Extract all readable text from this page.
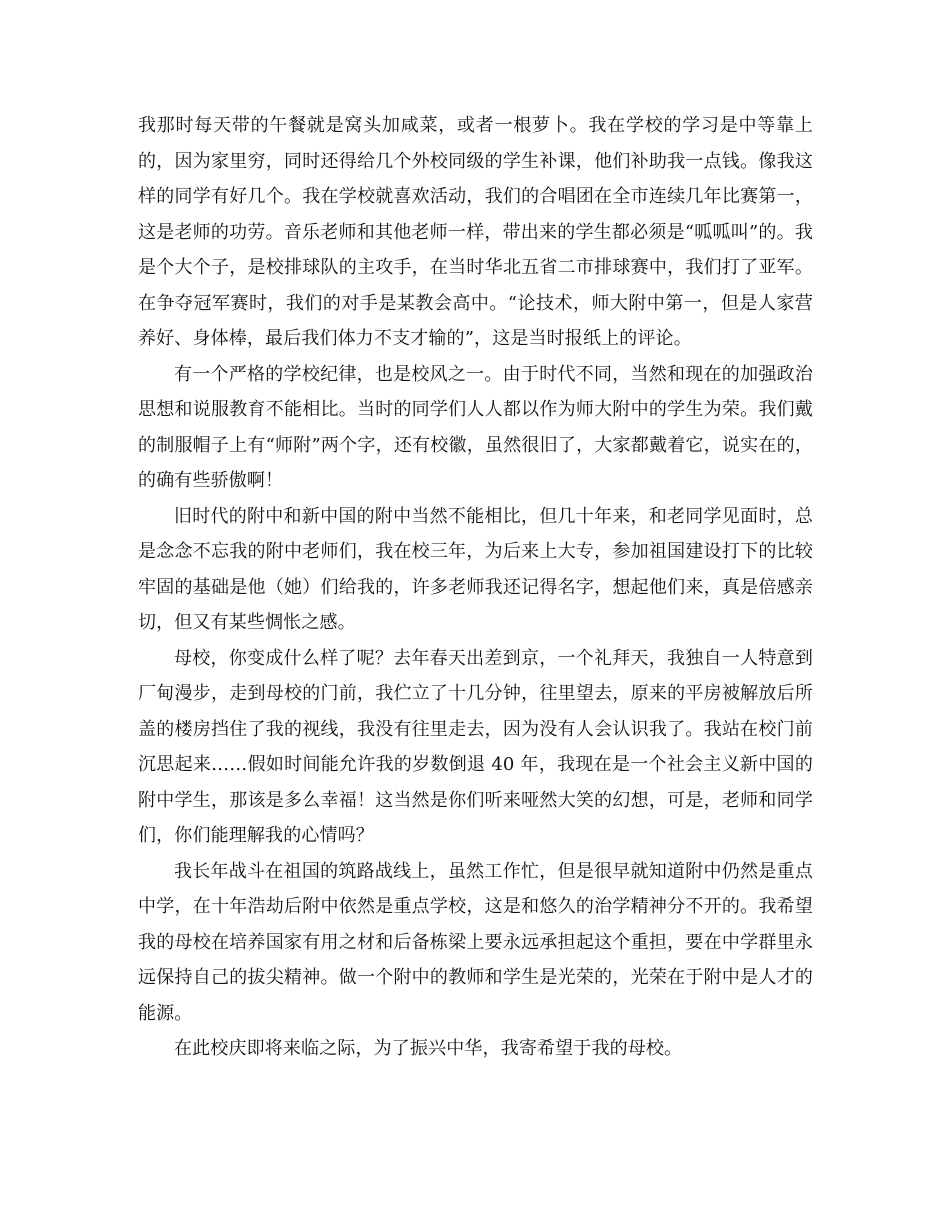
我那时每天带的午餐就是窝头加咸菜，或者一根萝卜。我在学校的学习是中等靠上的，因为家里穷，同时还得给几个外校同级的学生补课，他们补助我一点钱。像我这样的同学有好几个。我在学校就喜欢活动，我们的合唱团在全市连续几年比赛第一，这是老师的功劳。音乐老师和其他老师一样，带出来的学生都必须是“呱呱叫”的。我是个大个子，是校排球队的主攻手，在当时华北五省二市排球赛中，我们打了亚军。在争夺冠军赛时，我们的对手是某教会高中。“论技术，师大附中第一，但是人家营养好、身体棒，最后我们体力不支才输的”，这是当时报纸上的评论。

有一个严格的学校纪律，也是校风之一。由于时代不同，当然和现在的加强政治思想和说服教育不能相比。当时的同学们人人都以作为师大附中的学生为荣。我们戴的制服帽子上有“师附”两个字，还有校徽，虽然很旧了，大家都戴着它，说实在的，的确有些骄傲啊！

旧时代的附中和新中国的附中当然不能相比，但几十年来，和老同学见面时，总是念念不忘我的附中老师们，我在校三年，为后来上大专，参加祖国建设打下的比较牢固的基础是他（她）们给我的，许多老师我还记得名字，想起他们来，真是倍感亲切，但又有某些惆怅之感。

母校，你变成什么样了呢？去年春天出差到京，一个礼拜天，我独自一人特意到厂甸漫步，走到母校的门前，我伫立了十几分钟，往里望去，原来的平房被解放后所盖的楼房挡住了我的视线，我没有往里走去，因为没有人会认识我了。我站在校门前沉思起来……假如时间能允许我的岁数倒退 40 年，我现在是一个社会主义新中国的附中学生，那该是多么幸福！这当然是你们听来哑然大笑的幻想，可是，老师和同学们，你们能理解我的心情吗？

我长年战斗在祖国的筑路战线上，虽然工作忙，但是很早就知道附中仍然是重点中学，在十年浩劫后附中依然是重点学校，这是和悠久的治学精神分不开的。我希望我的母校在培养国家有用之材和后备栋梁上要永远承担起这个重担，要在中学群里永远保持自己的拔尖精神。做一个附中的教师和学生是光荣的，光荣在于附中是人才的能源。

在此校庆即将来临之际，为了振兴中华，我寄希望于我的母校。
